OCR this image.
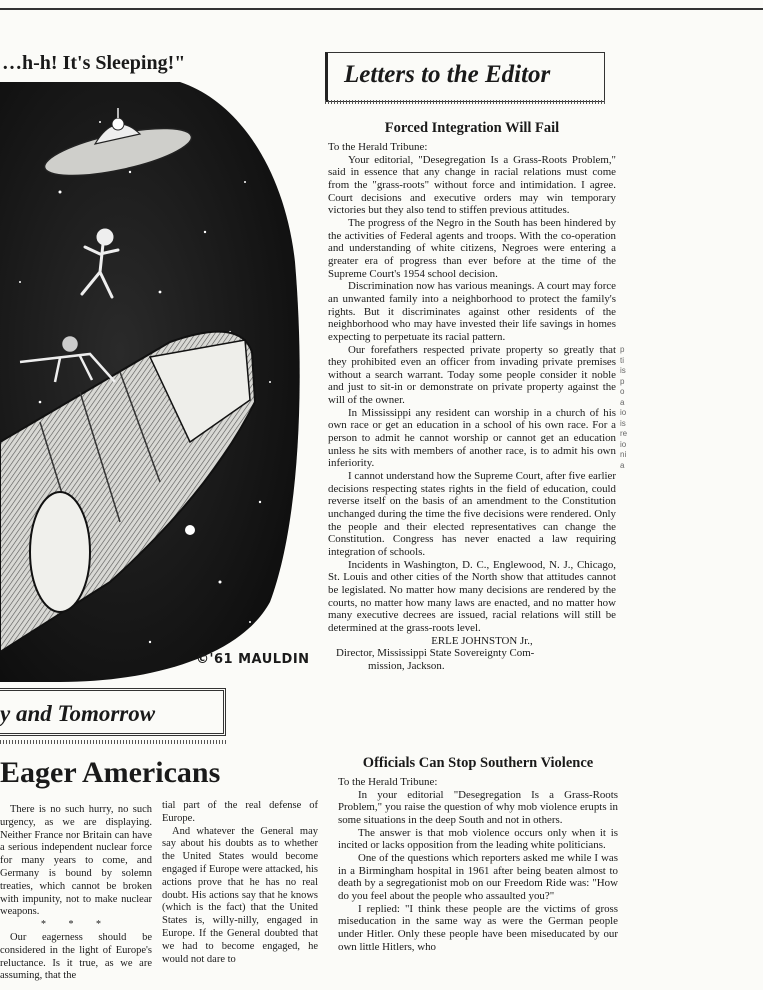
…h-h! It's Sleeping!"
©'61 MAULDIN
y and Tomorrow
Eager Americans

There is no such hurry, no such urgency, as we are displaying. Neither France nor Britain can have a serious independent nuclear force for many years to come, and Germany is bound by solemn treaties, which cannot be broken with impunity, not to make nuclear weapons.

* * *

Our eagerness should be considered in the light of Europe's reluctance. Is it true, as we are assuming, that the

tial part of the real defense of Europe.

And whatever the General may say about his doubts as to whether the United States would become engaged if Europe were attacked, his actions prove that he has no real doubt. His actions say that he knows (which is the fact) that the United States is, willy-nilly, engaged in Europe. If the General doubted that we had to become engaged, he would not dare to

Letters to the Editor
Forced Integration Will Fail

To the Herald Tribune:

Your editorial, "Desegregation Is a Grass-Roots Problem," said in essence that any change in racial relations must come from the "grass-roots" without force and intimidation. I agree. Court decisions and executive orders may win temporary victories but they also tend to stiffen previous attitudes.

The progress of the Negro in the South has been hindered by the activities of Federal agents and troops. With the co-operation and understanding of white citizens, Negroes were entering a greater era of progress than ever before at the time of the Supreme Court's 1954 school decision.

Discrimination now has various meanings. A court may force an unwanted family into a neighborhood to protect the family's rights. But it discriminates against other residents of the neighborhood who may have invested their life savings in homes expecting to perpetuate its racial pattern.

Our forefathers respected private property so greatly that they prohibited even an officer from invading private premises without a search warrant. Today some people consider it noble and just to sit-in or demonstrate on private property against the will of the owner.

In Mississippi any resident can worship in a church of his own race or get an education in a school of his own race. For a person to admit he cannot worship or cannot get an education unless he sits with members of another race, is to admit his own inferiority.

I cannot understand how the Supreme Court, after five earlier decisions respecting states rights in the field of education, could reverse itself on the basis of an amendment to the Constitution unchanged during the time the five decisions were rendered. Only the people and their elected representatives can change the Constitution. Congress has never enacted a law requiring integration of schools.

Incidents in Washington, D. C., Englewood, N. J., Chicago, St. Louis and other cities of the North show that attitudes cannot be legislated. No matter how many decisions are rendered by the courts, no matter how many laws are enacted, and no matter how many executive decrees are issued, racial relations will still be determined at the grass-roots level.

ERLE JOHNSTON Jr.,

Director, Mississippi State Sovereignty Com-

mission, Jackson.

Officials Can Stop Southern Violence

To the Herald Tribune:

In your editorial "Desegregation Is a Grass-Roots Problem," you raise the question of why mob violence erupts in some situations in the deep South and not in others.

The answer is that mob violence occurs only when it is incited or lacks opposition from the leading white politicians.

One of the questions which reporters asked me while I was in a Birmingham hospital in 1961 after being beaten almost to death by a segregationist mob on our Freedom Ride was: "How do you feel about the people who assaulted you?"

I replied: "I think these people are the victims of gross miseducation in the same way as were the German people under Hitler. Only these people have been miseducated by our own little Hitlers, who

p
ti
is
p
o
a
io
is
re
io
ni
a
